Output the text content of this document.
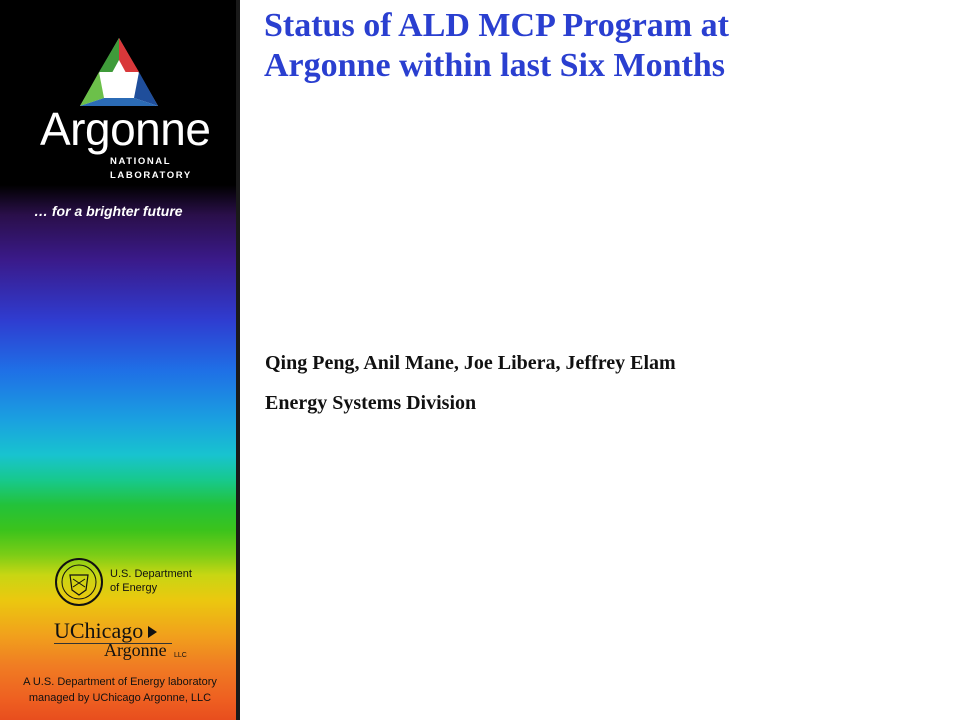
Argonne
NATIONAL
LABORATORY
… for a brighter future
U.S. Department
of Energy
UChicago
Argonne LLC
A U.S. Department of Energy laboratory
managed by UChicago Argonne, LLC
Status of ALD MCP Program at
Argonne within last Six Months
Qing Peng, Anil Mane, Joe Libera, Jeffrey Elam
Energy Systems Division
